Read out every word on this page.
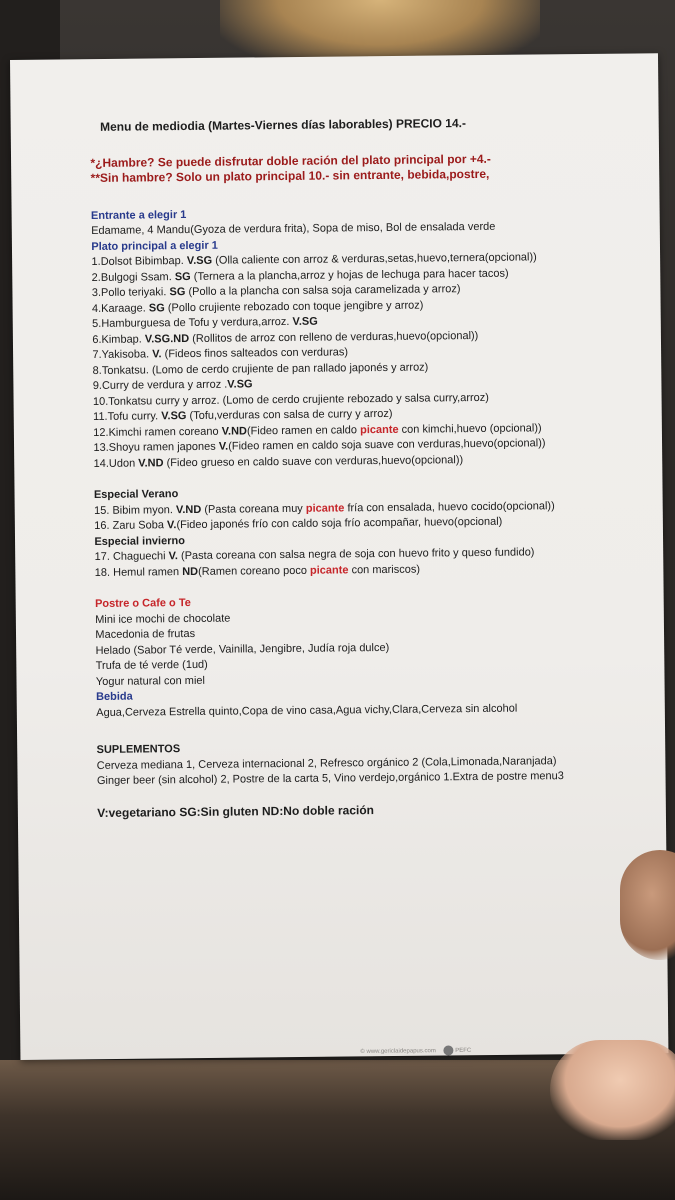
© www.gericlaidepapus.com	PEFC
Menu de mediodia (Martes-Viernes días laborables) PRECIO 14.-
*¿Hambre? Se puede disfrutar doble ración del plato principal por +4.-
**Sin hambre? Solo un plato principal 10.- sin entrante, bebida,postre,
Entrante a elegir 1
Edamame, 4 Mandu(Gyoza de verdura frita), Sopa de miso, Bol de ensalada verde
Plato principal a elegir 1
1.Dolsot Bibimbap. V.SG (Olla caliente con arroz & verduras,setas,huevo,ternera(opcional))
2.Bulgogi Ssam. SG (Ternera a la plancha,arroz y hojas de lechuga para hacer tacos)
3.Pollo teriyaki. SG (Pollo a la plancha con salsa soja caramelizada y arroz)
4.Karaage. SG (Pollo crujiente rebozado con toque jengibre y arroz)
5.Hamburguesa de Tofu y verdura,arroz. V.SG
6.Kimbap. V.SG.ND (Rollitos de arroz con relleno de verduras,huevo(opcional))
7.Yakisoba. V. (Fideos finos salteados con verduras)
8.Tonkatsu. (Lomo de cerdo crujiente de pan rallado japonés y arroz)
9.Curry de verdura y arroz .V.SG
10.Tonkatsu curry y arroz. (Lomo de cerdo crujiente rebozado y salsa curry,arroz)
11.Tofu curry. V.SG (Tofu,verduras con salsa de curry y arroz)
12.Kimchi ramen coreano V.ND(Fideo ramen en caldo picante con kimchi,huevo (opcional))
13.Shoyu ramen japones V.(Fideo ramen en caldo soja suave con verduras,huevo(opcional))
14.Udon V.ND (Fideo grueso en caldo suave con verduras,huevo(opcional))
Especial Verano
15. Bibim myon. V.ND (Pasta coreana muy picante fría con ensalada, huevo cocido(opcional))
16. Zaru Soba V.(Fideo japonés frío con caldo soja frío acompañar, huevo(opcional)
Especial invierno
17. Chaguechi V. (Pasta coreana con salsa negra de soja con huevo frito y queso fundido)
18. Hemul ramen ND(Ramen coreano poco picante con mariscos)
Postre o Cafe o Te
Mini ice mochi de chocolate
Macedonia de frutas
Helado (Sabor Té verde, Vainilla, Jengibre, Judía roja dulce)
Trufa de té verde (1ud)
Yogur natural con miel
Bebida
Agua,Cerveza Estrella quinto,Copa de vino casa,Agua vichy,Clara,Cerveza sin alcohol
SUPLEMENTOS
Cerveza mediana 1, Cerveza internacional 2, Refresco orgánico 2 (Cola,Limonada,Naranjada)
Ginger beer (sin alcohol) 2, Postre de la carta 5, Vino verdejo,orgánico 1.Extra de postre menu3
V:vegetariano SG:Sin gluten ND:No doble ración
